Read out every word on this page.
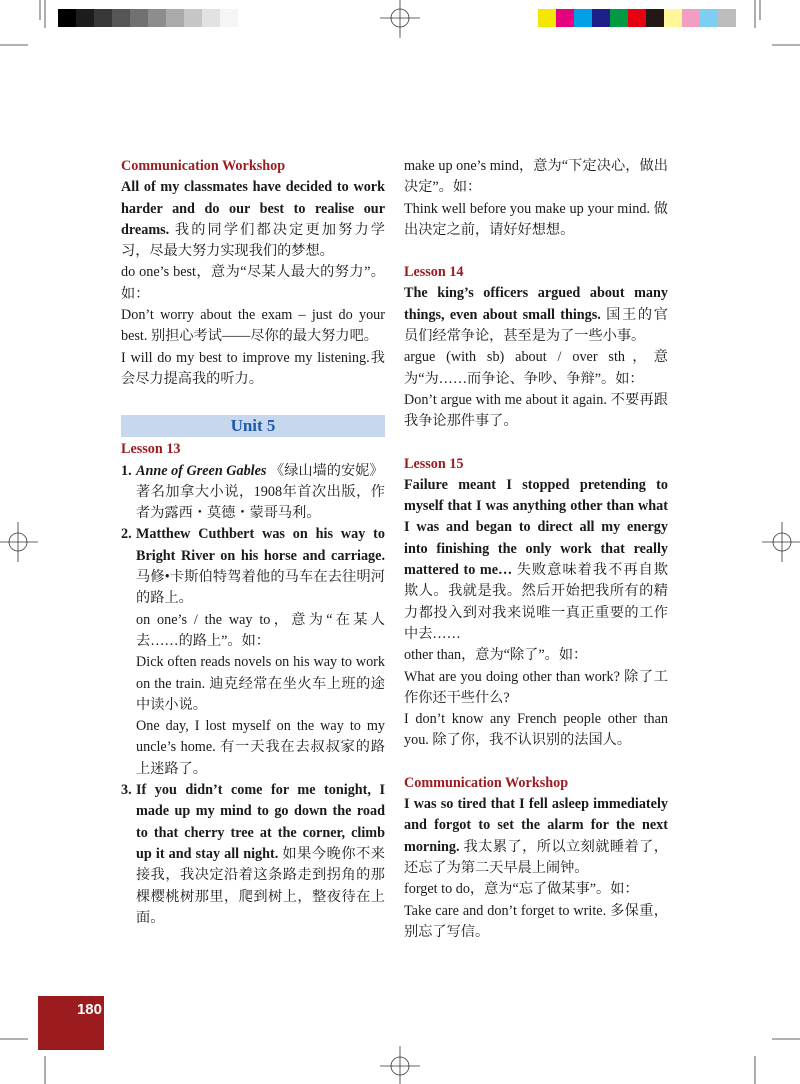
Communication Workshop

All of my classmates have decided to work harder and do our best to realise our dreams. 我的同学们都决定更加努力学习，尽最大努力实现我们的梦想。

do one’s best，意为“尽某人最大的努力”。如：

Don’t worry about the exam – just do your best. 别担心考试——尽你的最大努力吧。

I will do my best to improve my listening.我会尽力提高我的听力。

Unit 5

Lesson 13

1. Anne of Green Gables 《绿山墙的安妮》

著名加拿大小说，1908年首次出版，作者为露西・莫德・蒙哥马利。

2. Matthew Cuthbert was on his way to Bright River on his horse and carriage. 马修•卡斯伯特驾着他的马车在去往明河的路上。

on one’s / the way to，意为“在某人去……的路上”。如：

Dick often reads novels on his way to work on the train. 迪克经常在坐火车上班的途中读小说。

One day, I lost myself on the way to my uncle’s home. 有一天我在去叔叔家的路上迷路了。

3. If you didn’t come for me tonight, I made up my mind to go down the road to that cherry tree at the corner, climb up it and stay all night. 如果今晚你不来接我，我决定沿着这条路走到拐角的那棵樱桃树那里，爬到树上，整夜待在上面。

make up one’s mind，意为“下定决心，做出决定”。如：

Think well before you make up your mind. 做出决定之前，请好好想想。

Lesson 14

The king’s officers argued about many things, even about small things. 国王的官员们经常争论，甚至是为了一些小事。

argue (with sb) about / over sth，意为“为……而争论、争吵、争辩”。如：

Don’t argue with me about it again. 不要再跟我争论那件事了。

Lesson 15

Failure meant I stopped pretending to myself that I was anything other than what I was and began to direct all my energy into finishing the only work that really mattered to me… 失败意味着我不再自欺欺人。我就是我。然后开始把我所有的精力都投入到对我来说唯一真正重要的工作中去……

other than，意为“除了”。如：

What are you doing other than work? 除了工作你还干些什么?

I don’t know any French people other than you. 除了你，我不认识别的法国人。

Communication Workshop

I was so tired that I fell asleep immediately and forgot to set the alarm for the next morning. 我太累了，所以立刻就睡着了，还忘了为第二天早晨上闹钟。

forget to do，意为“忘了做某事”。如：

Take care and don’t forget to write. 多保重，别忘了写信。

180
